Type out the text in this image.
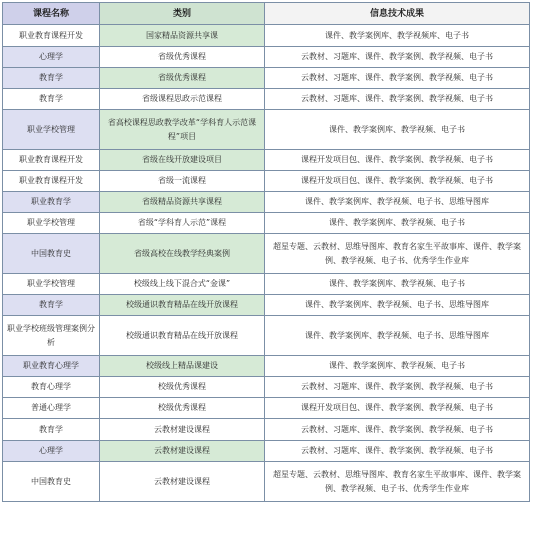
课程名称	类别	信息技术成果
职业教育课程开发	国家精品资源共享课	课件、教学案例库、教学视频库、电子书
心理学	省级优秀课程	云教材、习题库、课件、教学案例、教学视频、电子书
教育学	省级优秀课程	云教材、习题库、课件、教学案例、教学视频、电子书
教育学	省级课程思政示范课程	云教材、习题库、课件、教学案例、教学视频、电子书
职业学校管理	省高校课程思政教学改革“学科育人示范课程”项目	课件、教学案例库、教学视频、电子书
职业教育课程开发	省级在线开放建设项目	课程开发项目包、课件、教学案例、教学视频、电子书
职业教育课程开发	省级一流课程	课程开发项目包、课件、教学案例、教学视频、电子书
职业教育学	省级精品资源共享课程	课件、教学案例库、教学视频、电子书、思维导图库
职业学校管理	省级“学科育人示范”课程	课件、教学案例库、教学视频、电子书
中国教育史	省级高校在线教学经典案例	超星专题、云教材、思维导图库、教育名家生平故事库、课件、教学案例、教学视频、电子书、优秀学生作业库
职业学校管理	校级线上线下混合式“金课”	课件、教学案例库、教学视频、电子书
教育学	校级通识教育精品在线开放课程	课件、教学案例库、教学视频、电子书、思维导图库
职业学校班级管理案例分析	校级通识教育精品在线开放课程	课件、教学案例库、教学视频、电子书、思维导图库
职业教育心理学	校级线上精品课建设	课件、教学案例库、教学视频、电子书
教育心理学	校级优秀课程	云教材、习题库、课件、教学案例、教学视频、电子书
普通心理学	校级优秀课程	课程开发项目包、课件、教学案例、教学视频、电子书
教育学	云教材建设课程	云教材、习题库、课件、教学案例、教学视频、电子书
心理学	云教材建设课程	云教材、习题库、课件、教学案例、教学视频、电子书
中国教育史	云教材建设课程	超星专题、云教材、思维导图库、教育名家生平故事库、课件、教学案例、教学视频、电子书、优秀学生作业库
